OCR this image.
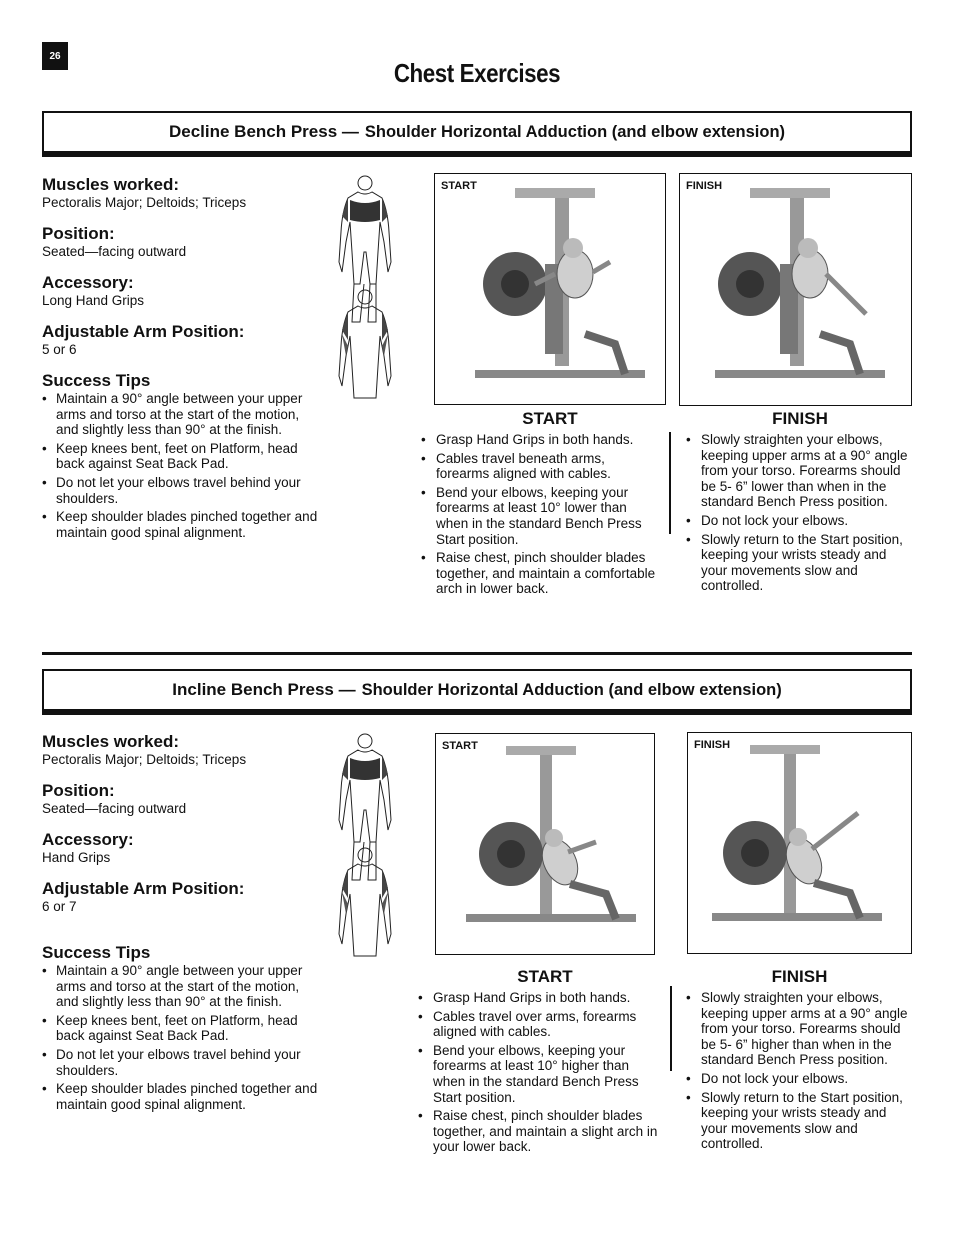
26
Chest Exercises
Decline Bench Press — Shoulder Horizontal Adduction (and elbow extension)
Muscles worked:
Pectoralis Major; Deltoids; Triceps
Position:
Seated—facing outward
Accessory:
Long Hand Grips
Adjustable Arm Position:
5 or 6
Success Tips
• Maintain a 90° angle between your upper arms and torso at the start of the motion, and slightly less than 90° at the finish.
• Keep knees bent, feet on Platform, head back against Seat Back Pad.
• Do not let your elbows travel behind your shoulders.
• Keep shoulder blades pinched together and maintain good spinal alignment.
START	FINISH
START	FINISH
• Grasp Hand Grips in both hands.
• Cables travel beneath arms, forearms aligned with cables.
• Bend your elbows, keeping your forearms at least 10° lower than when in the standard Bench Press Start position.
• Raise chest, pinch shoulder blades together, and maintain a comfortable arch in lower back.
• Slowly straighten your elbows, keeping upper arms at a 90° angle from your torso. Forearms should be 5- 6” lower than when in the standard Bench Press position.
• Do not lock your elbows.
• Slowly return to the Start position, keeping your wrists steady and your movements slow and controlled.
Incline Bench Press — Shoulder Horizontal Adduction (and elbow extension)
Muscles worked:
Pectoralis Major; Deltoids; Triceps
Position:
Seated—facing outward
Accessory:
Hand Grips
Adjustable Arm Position:
6 or 7
Success Tips
• Maintain a 90° angle between your upper arms and torso at the start of the motion, and slightly less than 90° at the finish.
• Keep knees bent, feet on Platform, head back against Seat Back Pad.
• Do not let your elbows travel behind your shoulders.
• Keep shoulder blades pinched together and maintain good spinal alignment.
START	FINISH
START	FINISH
• Grasp Hand Grips in both hands.
• Cables travel over arms, forearms aligned with cables.
• Bend your elbows, keeping your forearms at least 10° higher than when in the standard Bench Press Start position.
• Raise chest, pinch shoulder blades together, and maintain a slight arch in your lower back.
• Slowly straighten your elbows, keeping upper arms at a 90° angle from your torso. Forearms should be 5- 6” higher than when in the standard Bench Press position.
• Do not lock your elbows.
• Slowly return to the Start position, keeping your wrists steady and your movements slow and controlled.
